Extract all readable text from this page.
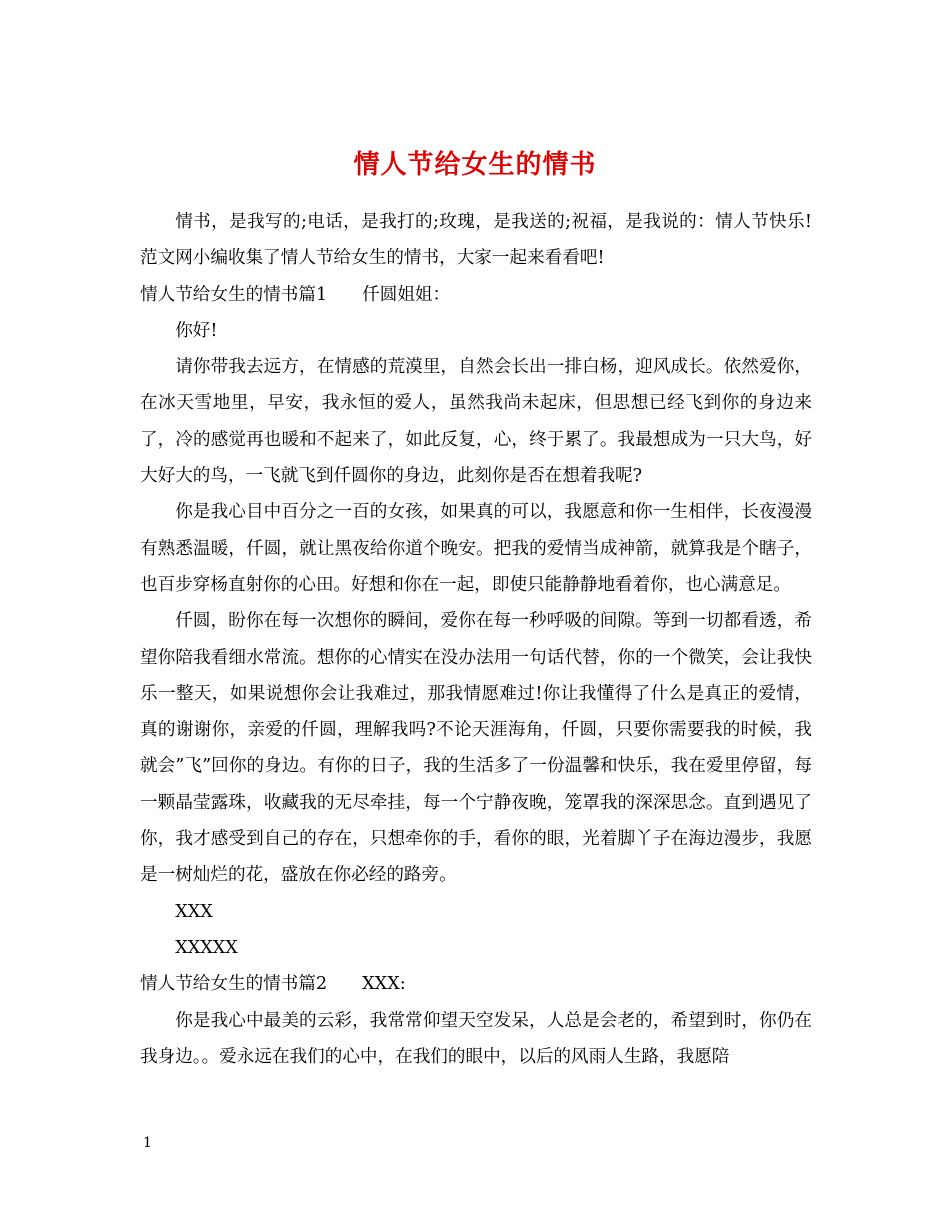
情人节给女生的情书

情书，是我写的;电话，是我打的;玫瑰，是我送的;祝福，是我说的：情人节快乐!范文网小编收集了情人节给女生的情书，大家一起来看看吧!

情人节给女生的情书篇1 仟圆姐姐：

你好!

请你带我去远方，在情感的荒漠里，自然会长出一排白杨，迎风成长。依然爱你，在冰天雪地里，早安，我永恒的爱人，虽然我尚未起床，但思想已经飞到你的身边来了，冷的感觉再也暖和不起来了，如此反复，心，终于累了。我最想成为一只大鸟，好大好大的鸟，一飞就飞到仟圆你的身边，此刻你是否在想着我呢?

你是我心目中百分之一百的女孩，如果真的可以，我愿意和你一生相伴，长夜漫漫有熟悉温暖，仟圆，就让黑夜给你道个晚安。把我的爱情当成神箭，就算我是个瞎子，也百步穿杨直射你的心田。好想和你在一起，即使只能静静地看着你，也心满意足。

仟圆，盼你在每一次想你的瞬间，爱你在每一秒呼吸的间隙。等到一切都看透，希望你陪我看细水常流。想你的心情实在没办法用一句话代替，你的一个微笑，会让我快乐一整天，如果说想你会让我难过，那我情愿难过!你让我懂得了什么是真正的爱情，真的谢谢你，亲爱的仟圆，理解我吗?不论天涯海角，仟圆，只要你需要我的时候，我就会”飞”回你的身边。有你的日子，我的生活多了一份温馨和快乐，我在爱里停留，每一颗晶莹露珠，收藏我的无尽牵挂，每一个宁静夜晚，笼罩我的深深思念。直到遇见了你，我才感受到自己的存在，只想牵你的手，看你的眼，光着脚丫子在海边漫步，我愿是一树灿烂的花，盛放在你必经的路旁。

XXX

XXXXX

情人节给女生的情书篇2 XXX:

你是我心中最美的云彩，我常常仰望天空发呆，人总是会老的，希望到时，你仍在我身边。。爱永远在我们的心中，在我们的眼中，以后的风雨人生路，我愿陪

1
